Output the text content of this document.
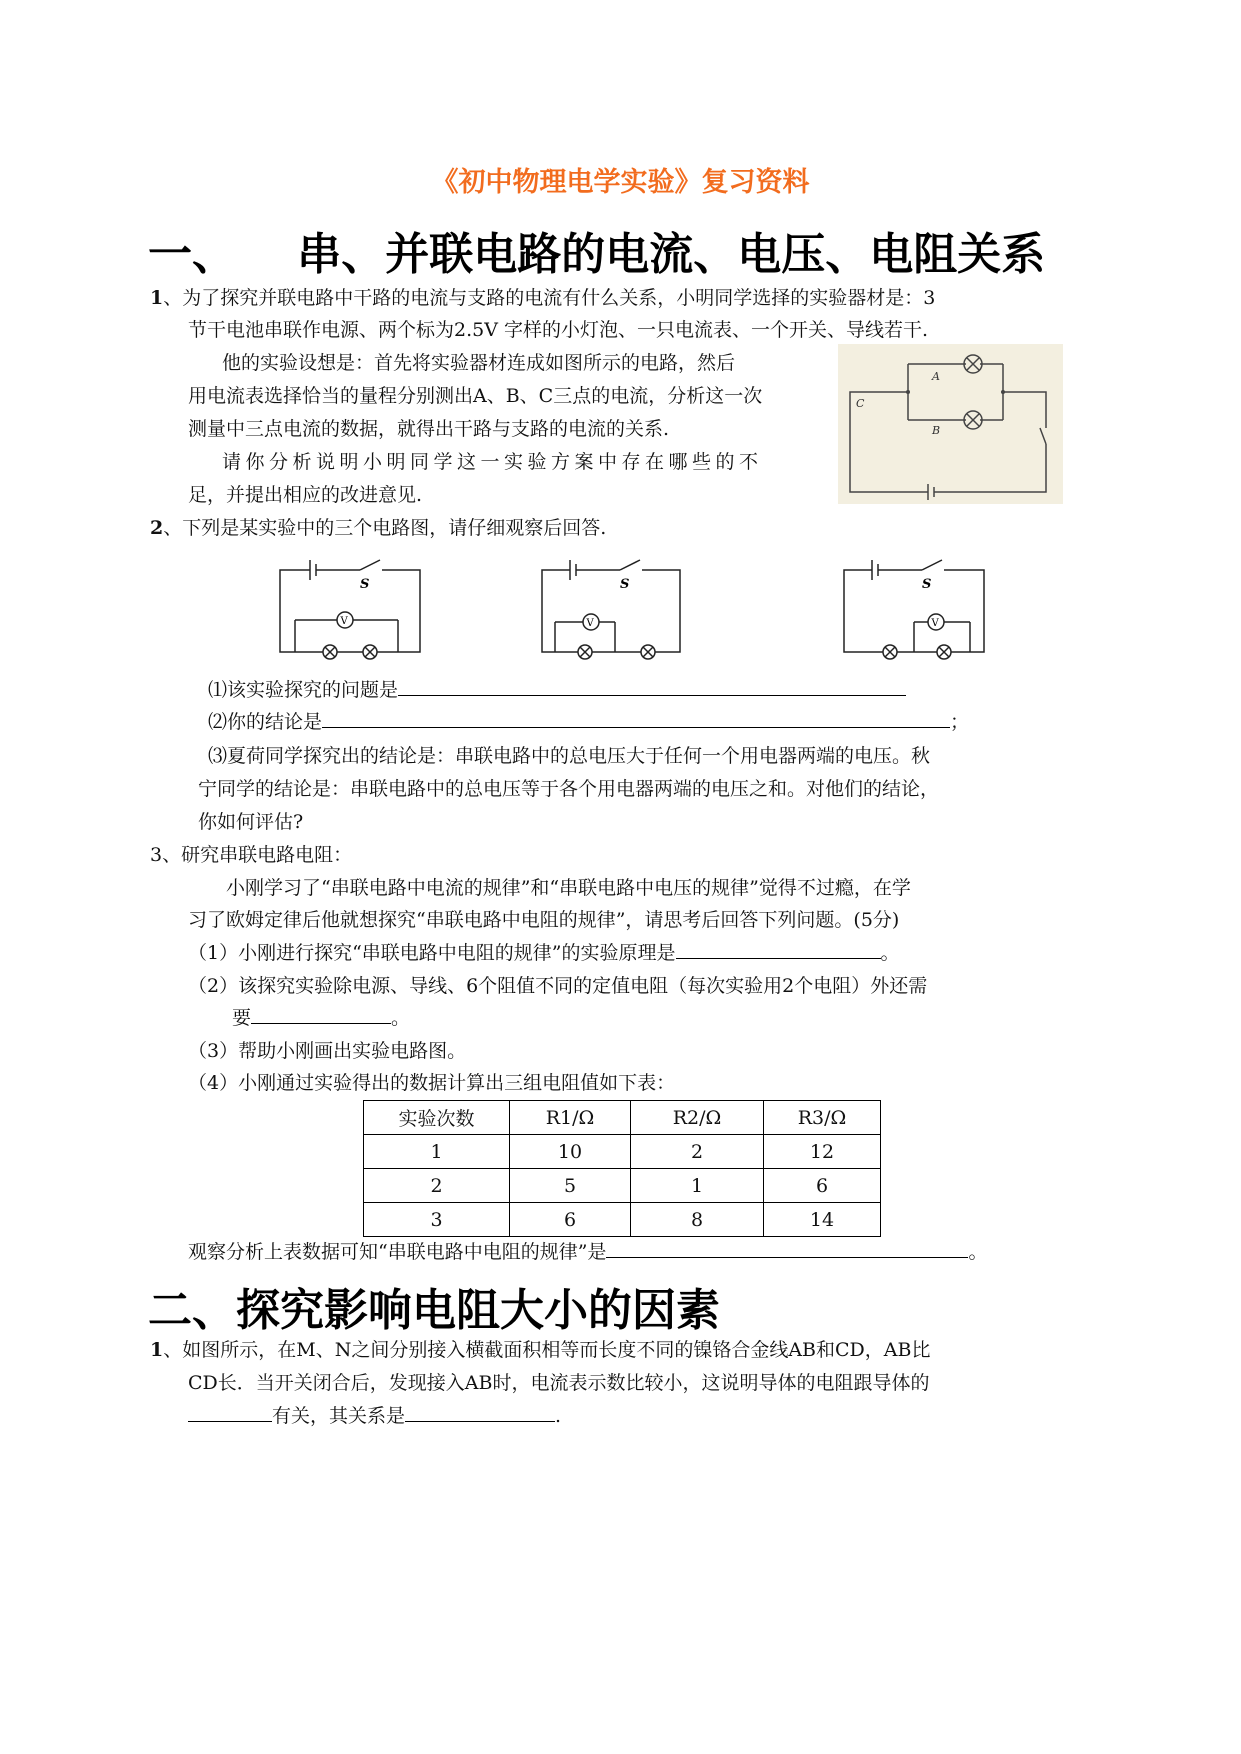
《初中物理电学实验》复习资料
一、    串、并联电路的电流、电压、电阻关系
1、为了探究并联电路中干路的电流与支路的电流有什么关系，小明同学选择的实验器材是：3
节干电池串联作电源、两个标为2.5V 字样的小灯泡、一只电流表、一个开关、导线若干.
他的实验设想是：首先将实验器材连成如图所示的电路，然后
用电流表选择恰当的量程分别测出A、B、C三点的电流，分析这一次
测量中三点电流的数据，就得出干路与支路的电流的关系.
请你分析说明小明同学这一实验方案中存在哪些的不
足，并提出相应的改进意见.
A
B
C
2、下列是某实验中的三个电路图，请仔细观察后回答.
S
V
S
V
S
V
⑴该实验探究的问题是
⑵你的结论是	；
⑶夏荷同学探究出的结论是：串联电路中的总电压大于任何一个用电器两端的电压。秋
宁同学的结论是：串联电路中的总电压等于各个用电器两端的电压之和。对他们的结论，
你如何评估?
3、研究串联电路电阻：
小刚学习了“串联电路中电流的规律”和“串联电路中电压的规律”觉得不过瘾，在学
习了欧姆定律后他就想探究“串联电路中电阻的规律”，请思考后回答下列问题。(5分)
（1）小刚进行探究“串联电路中电阻的规律”的实验原理是	。
（2）该探究实验除电源、导线、6个阻值不同的定值电阻（每次实验用2个电阻）外还需
要	。
（3）帮助小刚画出实验电路图。
（4）小刚通过实验得出的数据计算出三组电阻值如下表：
实验次数	R1/Ω	R2/Ω	R3/Ω
1	10	2	12
2	5	1	6
3	6	8	14
观察分析上表数据可知“串联电路中电阻的规律”是	。
二、探究影响电阻大小的因素
1、如图所示，在M、N之间分别接入横截面积相等而长度不同的镍铬合金线AB和CD，AB比
CD长．当开关闭合后，发现接入AB时，电流表示数比较小，这说明导体的电阻跟导体的
有关，其关系是	.
